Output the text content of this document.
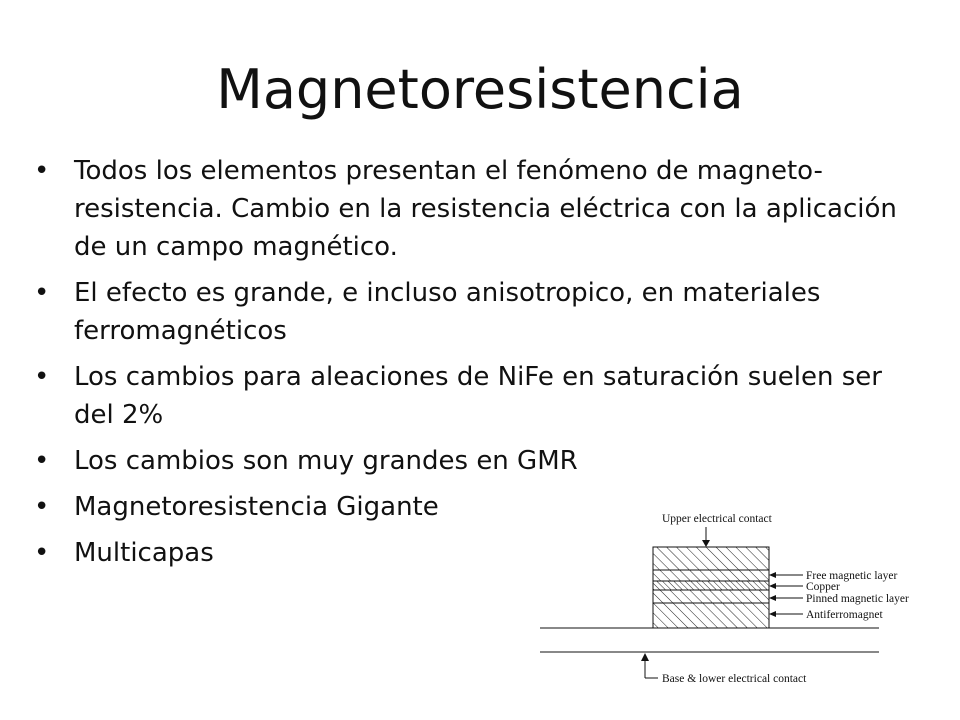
Magnetoresistencia
• Todos los elementos presentan el fenómeno de magneto-resistencia. Cambio en la resistencia eléctrica con la aplicación de un campo magnético.
• El efecto es grande, e incluso anisotropico, en materiales ferromagnéticos
• Los cambios para aleaciones de NiFe en saturación suelen ser del 2%
• Los cambios son muy grandes en GMR
• Magnetoresistencia Gigante
• Multicapas
Upper electrical contact
Free magnetic layer
Copper
Pinned magnetic layer
Antiferromagnet
Base & lower electrical contact
